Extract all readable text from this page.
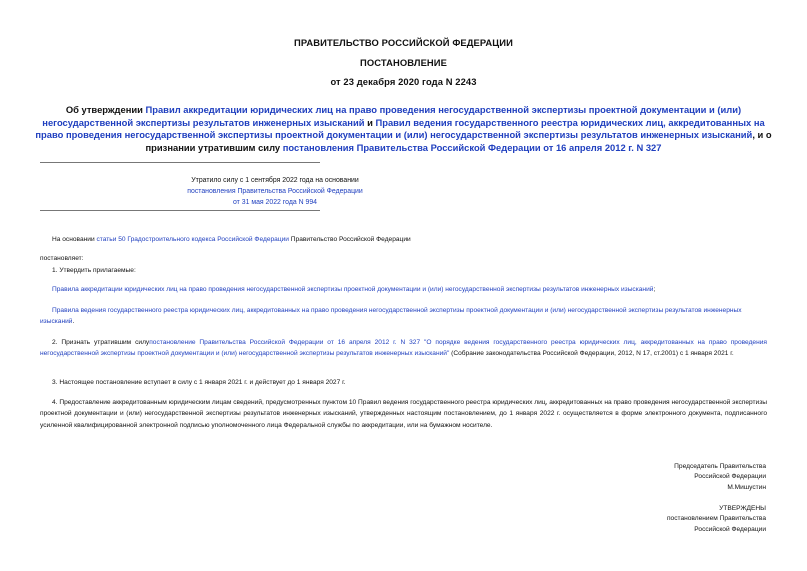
ПРАВИТЕЛЬСТВО РОССИЙСКОЙ ФЕДЕРАЦИИ
ПОСТАНОВЛЕНИЕ
от 23 декабря 2020 года N 2243
Об утверждении Правил аккредитации юридических лиц на право проведения негосударственной экспертизы проектной документации и (или) негосударственной экспертизы результатов инженерных изысканий и Правил ведения государственного реестра юридических лиц, аккредитованных на право проведения негосударственной экспертизы проектной документации и (или) негосударственной экспертизы результатов инженерных изысканий, и о признании утратившим силу постановления Правительства Российской Федерации от 16 апреля 2012 г. N 327
Утратило силу с 1 сентября 2022 года на основании
постановления Правительства Российской Федерации
от 31 мая 2022 года N 994
На основании статьи 50 Градостроительного кодекса Российской Федерации Правительство Российской Федерации
постановляет:
1. Утвердить прилагаемые:
Правила аккредитации юридических лиц на право проведения негосударственной экспертизы проектной документации и (или) негосударственной экспертизы результатов инженерных изысканий;
Правила ведения государственного реестра юридических лиц, аккредитованных на право проведения негосударственной экспертизы проектной документации и (или) негосударственной экспертизы результатов инженерных изысканий.
2. Признать утратившим силупостановление Правительства Российской Федерации от 16 апреля 2012 г. N 327 "О порядке ведения государственного реестра юридических лиц, аккредитованных на право проведения негосударственной экспертизы проектной документации и (или) негосударственной экспертизы результатов инженерных изысканий" (Собрание законодательства Российской Федерации, 2012, N 17, ст.2001) с 1 января 2021 г.
3. Настоящее постановление вступает в силу с 1 января 2021 г. и действует до 1 января 2027 г.
4. Предоставление аккредитованным юридическим лицам сведений, предусмотренных пунктом 10 Правил ведения государственного реестра юридических лиц, аккредитованных на право проведения негосударственной экспертизы проектной документации и (или) негосударственной экспертизы результатов инженерных изысканий, утвержденных настоящим постановлением, до 1 января 2022 г. осуществляется в форме электронного документа, подписанного усиленной квалифицированной электронной подписью уполномоченного лица Федеральной службы по аккредитации, или на бумажном носителе.
Председатель Правительства
Российской Федерации
М.Мишустин
УТВЕРЖДЕНЫ
постановлением Правительства
Российской Федерации
